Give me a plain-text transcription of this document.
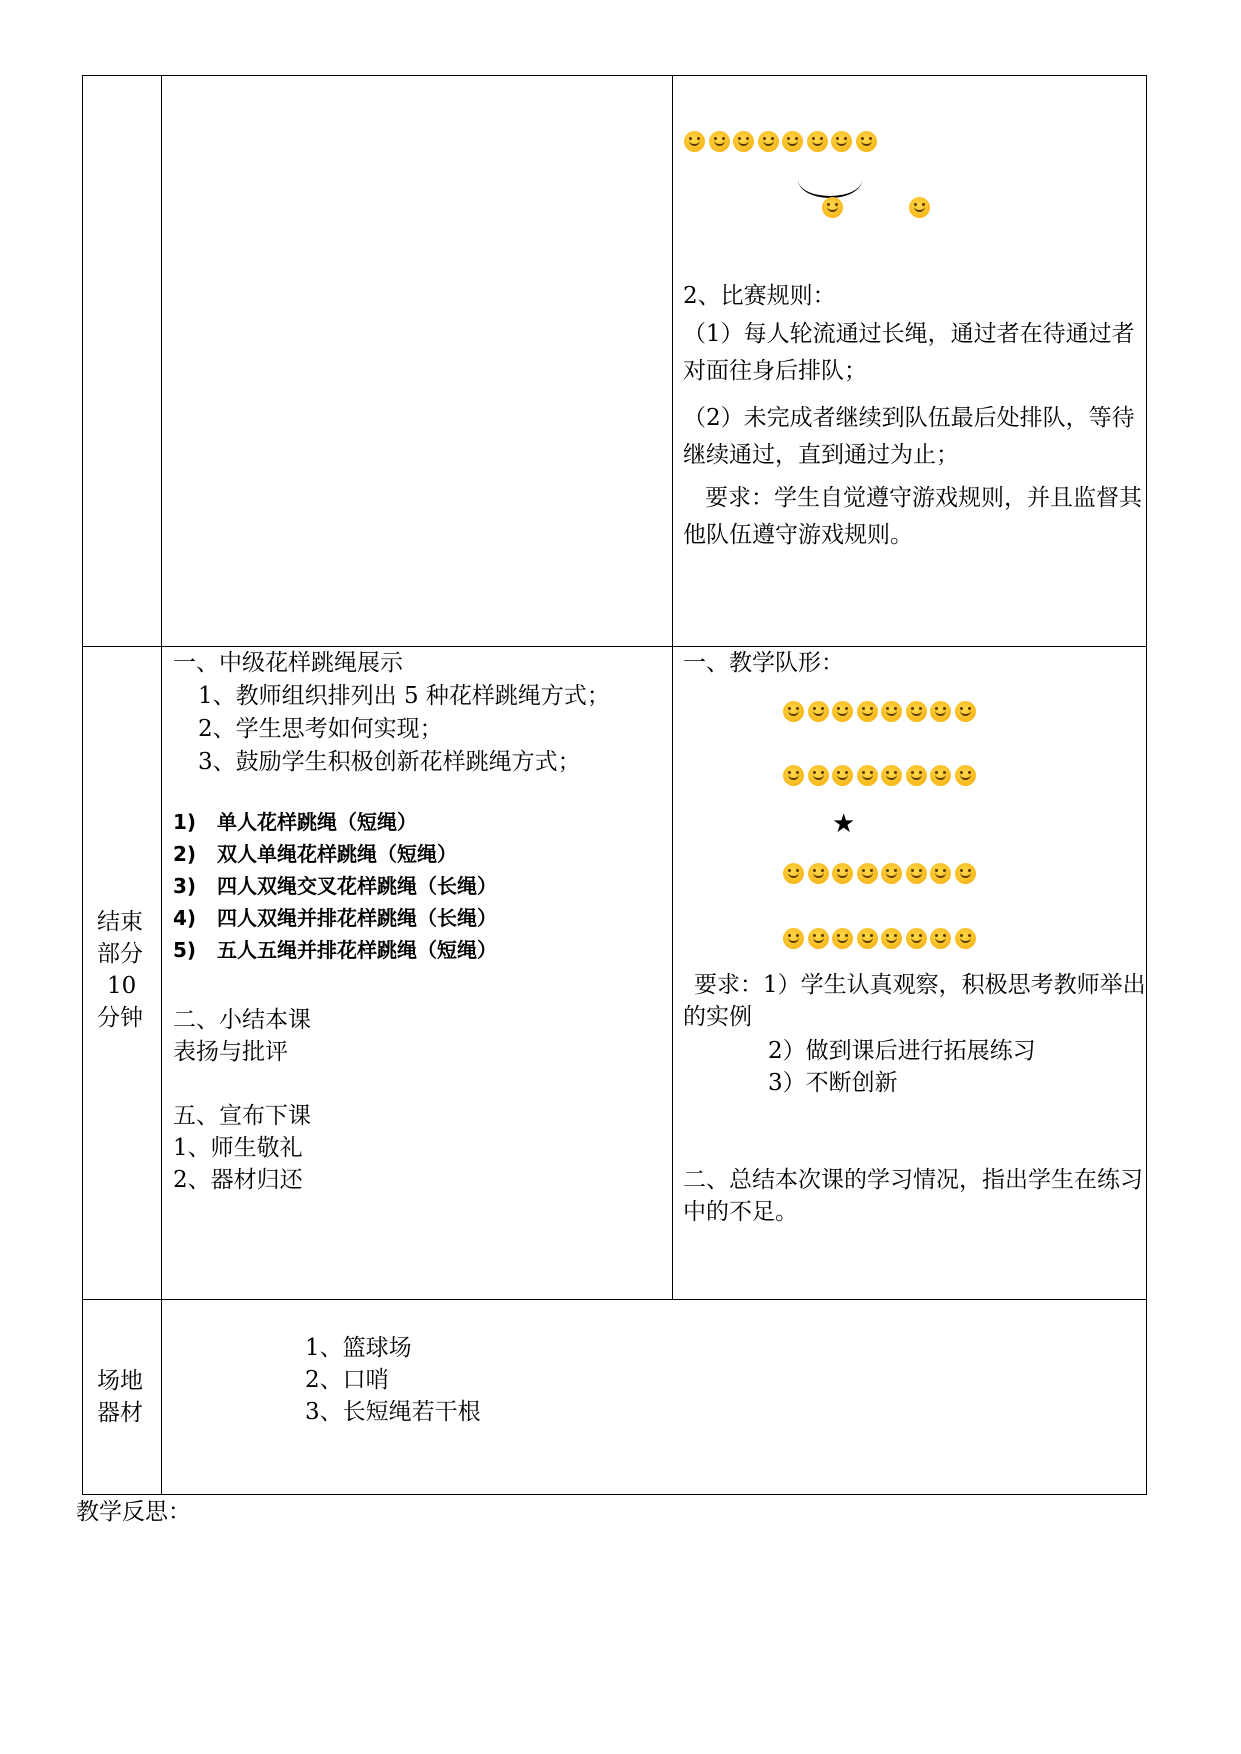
2、比赛规则：
（1）每人轮流通过长绳，通过者在待通过者对面往身后排队；
（2）未完成者继续到队伍最后处排队，等待继续通过，直到通过为止；
要求：学生自觉遵守游戏规则，并且监督其他队伍遵守游戏规则。
结束
部分
10
分钟
一、中级花样跳绳展示
1、教师组织排列出 5 种花样跳绳方式；
2、学生思考如何实现；
3、鼓励学生积极创新花样跳绳方式；
1) 单人花样跳绳（短绳）
2) 双人单绳花样跳绳（短绳）
3) 四人双绳交叉花样跳绳（长绳）
4) 四人双绳并排花样跳绳（长绳）
5) 五人五绳并排花样跳绳（短绳）
二、小结本课
表扬与批评
五、宣布下课
1、师生敬礼
2、器材归还
一、教学队形：
★
要求：1）学生认真观察，积极思考教师举出的实例
2）做到课后进行拓展练习
3）不断创新
二、总结本次课的学习情况，指出学生在练习中的不足。
场地
器材
1、篮球场
2、口哨
3、长短绳若干根
教学反思：
